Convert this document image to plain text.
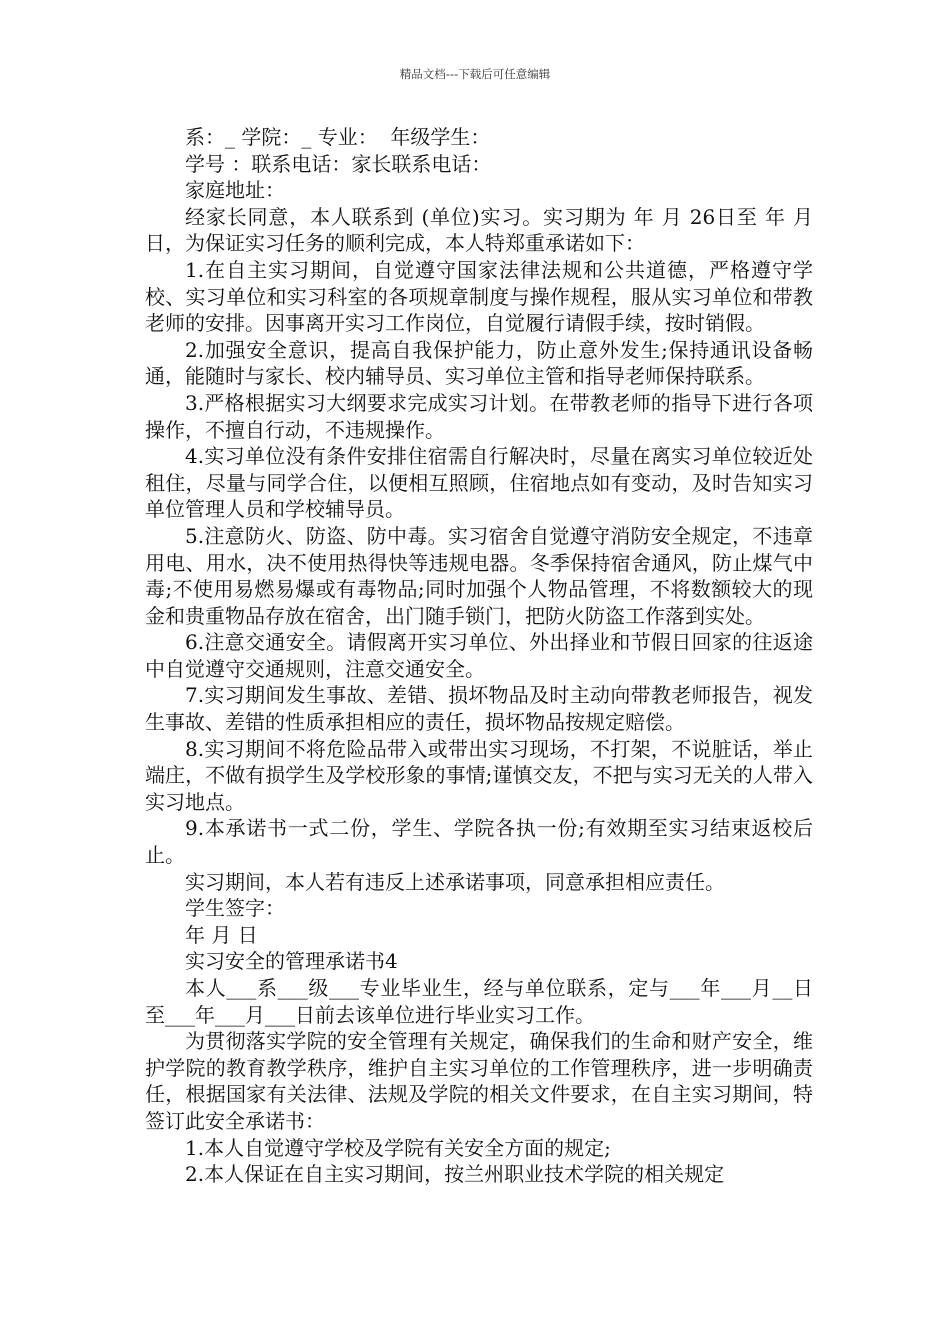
精品文档---下载后可任意编辑
系：_ 学院：_ 专业：  年级学生：
学号 ：联系电话：家长联系电话：
家庭地址：

经家长同意，本人联系到 (单位)实习。实习期为 年 月 26日至 年 月 日，为保证实习任务的顺利完成，本人特郑重承诺如下：

1.在自主实习期间，自觉遵守国家法律法规和公共道德，严格遵守学校、实习单位和实习科室的各项规章制度与操作规程，服从实习单位和带教老师的安排。因事离开实习工作岗位，自觉履行请假手续，按时销假。

2.加强安全意识，提高自我保护能力，防止意外发生;保持通讯设备畅通，能随时与家长、校内辅导员、实习单位主管和指导老师保持联系。

3.严格根据实习大纲要求完成实习计划。在带教老师的指导下进行各项操作，不擅自行动，不违规操作。

4.实习单位没有条件安排住宿需自行解决时，尽量在离实习单位较近处租住，尽量与同学合住，以便相互照顾，住宿地点如有变动，及时告知实习单位管理人员和学校辅导员。

5.注意防火、防盗、防中毒。实习宿舍自觉遵守消防安全规定，不违章用电、用水，决不使用热得快等违规电器。冬季保持宿舍通风，防止煤气中毒;不使用易燃易爆或有毒物品;同时加强个人物品管理，不将数额较大的现金和贵重物品存放在宿舍，出门随手锁门，把防火防盗工作落到实处。

6.注意交通安全。请假离开实习单位、外出择业和节假日回家的往返途中自觉遵守交通规则，注意交通安全。

7.实习期间发生事故、差错、损坏物品及时主动向带教老师报告，视发生事故、差错的性质承担相应的责任，损坏物品按规定赔偿。

8.实习期间不将危险品带入或带出实习现场，不打架，不说脏话，举止端庄，不做有损学生及学校形象的事情;谨慎交友，不把与实习无关的人带入实习地点。

9.本承诺书一式二份，学生、学院各执一份;有效期至实习结束返校后止。

实习期间，本人若有违反上述承诺事项，同意承担相应责任。

学生签字：
年 月 日
实习安全的管理承诺书4

本人___系___级___专业毕业生，经与单位联系，定与___年___月__日至___年___月___日前去该单位进行毕业实习工作。

为贯彻落实学院的安全管理有关规定，确保我们的生命和财产安全，维护学院的教育教学秩序，维护自主实习单位的工作管理秩序，进一步明确责任，根据国家有关法律、法规及学院的相关文件要求，在自主实习期间，特签订此安全承诺书：

1.本人自觉遵守学校及学院有关安全方面的规定;

2.本人保证在自主实习期间，按兰州职业技术学院的相关规定
